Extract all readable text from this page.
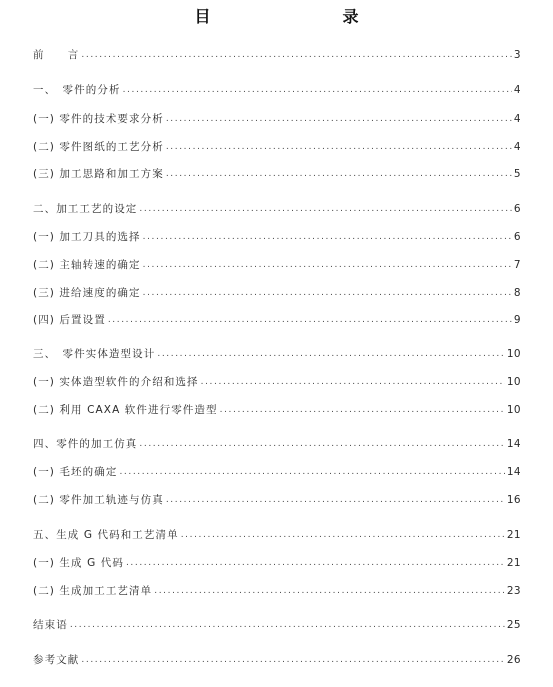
目　录
前　　言 .....	3
一、　零件的分析 .....	4
(一) 零件的技术要求分析 .....	4
(二) 零件图纸的工艺分析 .....	4
(三) 加工思路和加工方案 .....	5
二、加工工艺的设定 .....	6
(一) 加工刀具的选择 .....	6
(二) 主轴转速的确定 .....	7
(三) 进给速度的确定 .....	8
(四) 后置设置 .....	9
三、　零件实体造型设计 .....	10
(一) 实体造型软件的介绍和选择 .....	10
(二) 利用 CAXA 软件进行零件造型 .....	10
四、零件的加工仿真 .....	14
(一) 毛坯的确定 .....	14
(二) 零件加工轨迹与仿真 .....	16
五、生成 G 代码和工艺清单 .....	21
(一) 生成 G 代码 .....	21
(二) 生成加工工艺清单 .....	23
结束语 .....	25
参考文献 .....	26
